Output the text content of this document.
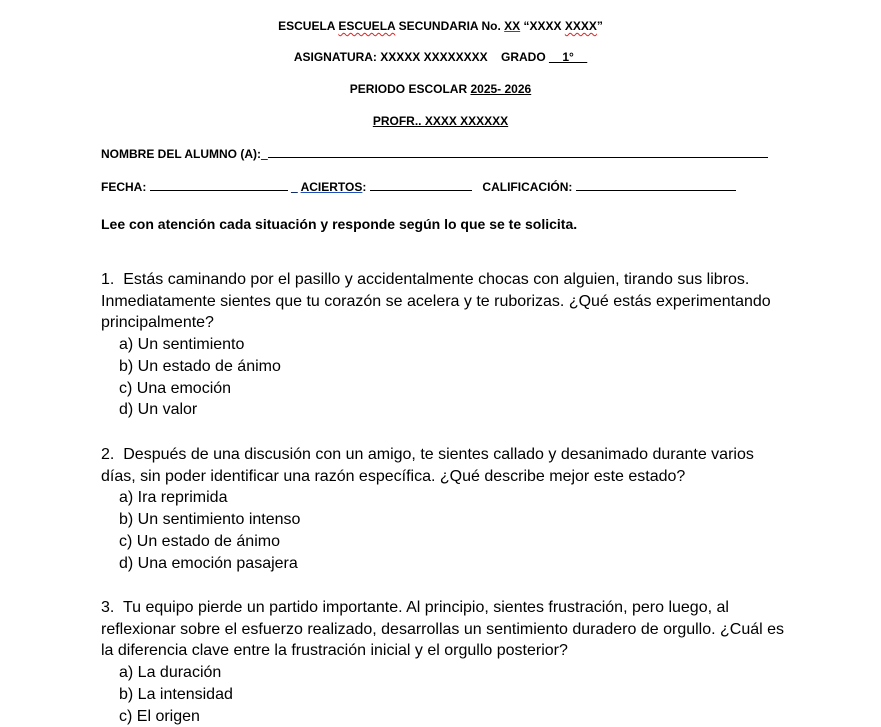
ESCUELA ESCUELA SECUNDARIA No. XX “XXXX XXXX”
ASIGNATURA: XXXXX XXXXXXXX    GRADO __1°__
PERIODO ESCOLAR 2025- 2026
PROFR.. XXXX XXXXXX
NOMBRE DEL ALUMNO (A):_
FECHA:	_ ACIERTOS:	CALIFICACIÓN:
Lee con atención cada situación y responde según lo que se te solicita.
1.  Estás caminando por el pasillo y accidentalmente chocas con alguien, tirando sus libros. Inmediatamente sientes que tu corazón se acelera y te ruborizas. ¿Qué estás experimentando principalmente?
a) Un sentimiento
b) Un estado de ánimo
c) Una emoción
d) Un valor
2.  Después de una discusión con un amigo, te sientes callado y desanimado durante varios días, sin poder identificar una razón específica. ¿Qué describe mejor este estado?
a) Ira reprimida
b) Un sentimiento intenso
c) Un estado de ánimo
d) Una emoción pasajera
3.  Tu equipo pierde un partido importante. Al principio, sientes frustración, pero luego, al reflexionar sobre el esfuerzo realizado, desarrollas un sentimiento duradero de orgullo. ¿Cuál es la diferencia clave entre la frustración inicial y el orgullo posterior?
a) La duración
b) La intensidad
c) El origen
